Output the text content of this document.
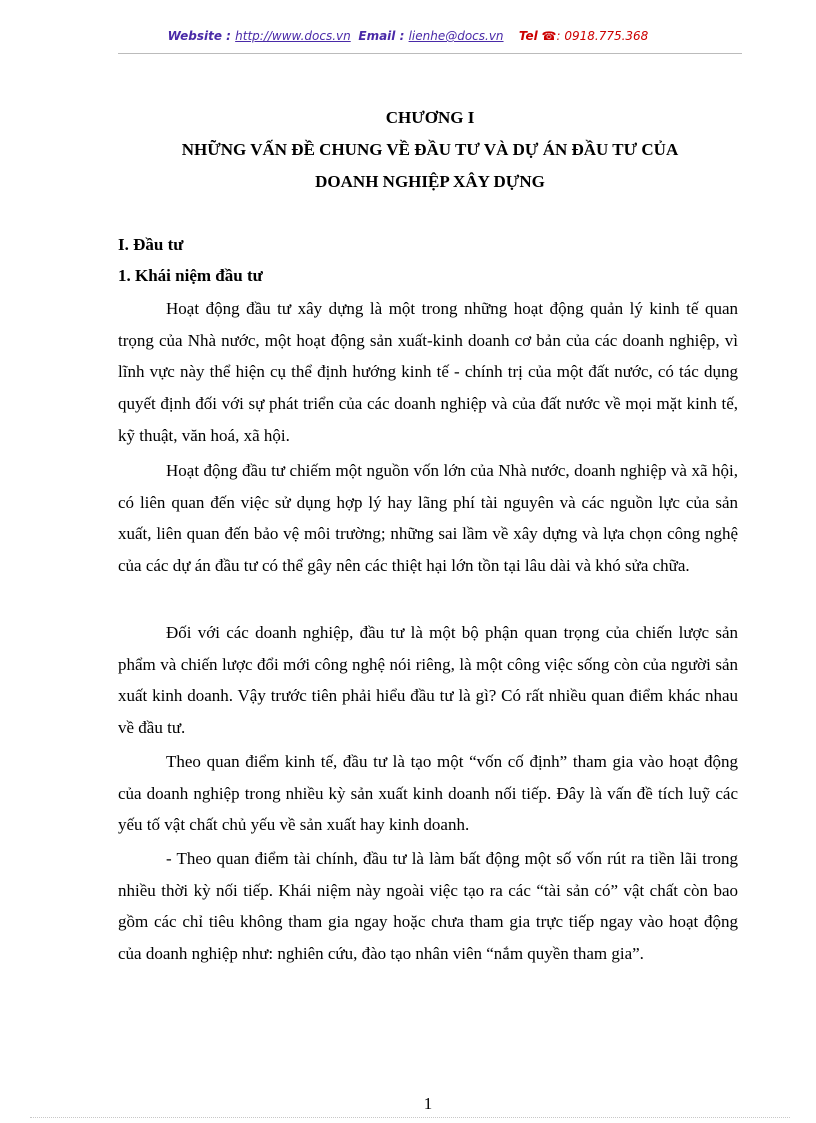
Website : http://www.docs.vn Email : lienhe@docs.vn Tel ☎: 0918.775.368
CHƯƠNG I
NHỮNG VẤN ĐỀ CHUNG VỀ ĐẦU TƯ VÀ DỰ ÁN ĐẦU TƯ CỦA
DOANH NGHIỆP XÂY DỰNG
I. Đầu tư
1. Khái niệm đầu tư

Hoạt động đầu tư xây dựng là một trong những hoạt động quản lý kinh tế quan trọng của Nhà nước, một hoạt động sản xuất-kinh doanh cơ bản của các doanh nghiệp, vì lĩnh vực này thể hiện cụ thể định hướng kinh tế - chính trị của một đất nước, có tác dụng quyết định đối với sự phát triển của các doanh nghiệp và của đất nước về mọi mặt kinh tế, kỹ thuật, văn hoá, xã hội.

Hoạt động đầu tư chiếm một nguồn vốn lớn của Nhà nước, doanh nghiệp và xã hội, có liên quan đến việc sử dụng hợp lý hay lãng phí tài nguyên và các nguồn lực của sản xuất, liên quan đến bảo vệ môi trường; những sai lầm về xây dựng và lựa chọn công nghệ của các dự án đầu tư có thể gây nên các thiệt hại lớn tồn tại lâu dài và khó sửa chữa.

Đối với các doanh nghiệp, đầu tư là một bộ phận quan trọng của chiến lược sản phẩm và chiến lược đổi mới công nghệ nói riêng, là một công việc sống còn của người sản xuất kinh doanh. Vậy trước tiên phải hiểu đầu tư là gì? Có rất nhiều quan điểm khác nhau về đầu tư.

Theo quan điểm kinh tế, đầu tư là tạo một “vốn cố định” tham gia vào hoạt động của doanh nghiệp trong nhiều kỳ sản xuất kinh doanh nối tiếp. Đây là vấn đề tích luỹ các yếu tố vật chất chủ yếu về sản xuất hay kinh doanh.

- Theo quan điểm tài chính, đầu tư là làm bất động một số vốn rút ra tiền lãi trong nhiều thời kỳ nối tiếp. Khái niệm này ngoài việc tạo ra các “tài sản có” vật chất còn bao gồm các chỉ tiêu không tham gia ngay hoặc chưa tham gia trực tiếp ngay vào hoạt động của doanh nghiệp như: nghiên cứu, đào tạo nhân viên “nắm quyền tham gia”.

1
